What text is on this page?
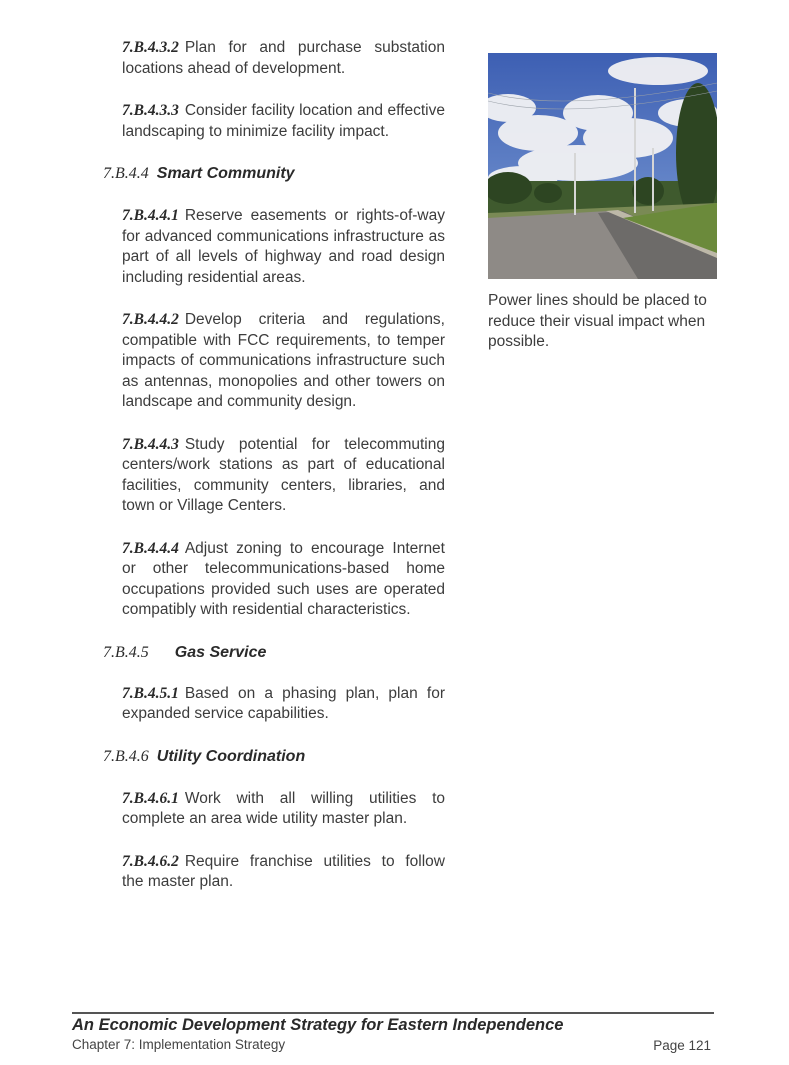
7.B.4.3.2 Plan for and purchase substation locations ahead of development.

7.B.4.3.3 Consider facility location and effective landscaping to minimize facility impact.

7.B.4.4 Smart Community

7.B.4.4.1 Reserve easements or rights-of-way for advanced communications infrastructure as part of all levels of highway and road design including residential areas.

7.B.4.4.2 Develop criteria and regulations, compatible with FCC requirements, to temper impacts of communications infrastructure such as antennas, monopolies and other towers on landscape and community design.

7.B.4.4.3 Study potential for telecommuting centers/work stations as part of educational facilities, community centers, libraries, and town or Village Centers.

7.B.4.4.4 Adjust zoning to encourage Internet or other telecommunications-based home occupations provided such uses are operated compatibly with residential characteristics.

7.B.4.5 Gas Service

7.B.4.5.1 Based on a phasing plan, plan for expanded service capabilities.

7.B.4.6 Utility Coordination

7.B.4.6.1 Work with all willing utilities to complete an area wide utility master plan.

7.B.4.6.2 Require franchise utilities to follow the master plan.

Power lines should be placed to reduce their visual impact when possible.

An Economic Development Strategy for Eastern Independence

Chapter 7: Implementation Strategy	Page 121
